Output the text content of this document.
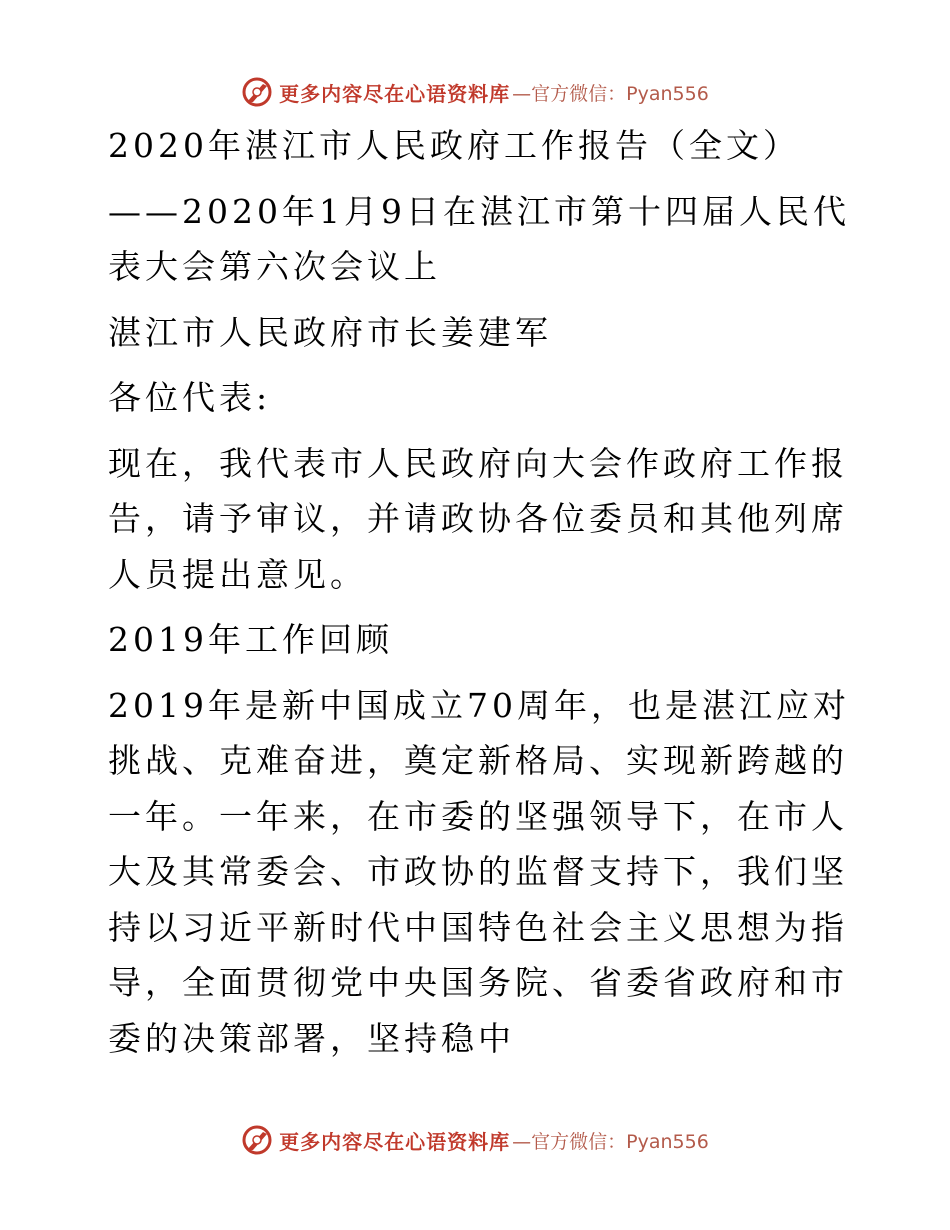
更多内容尽在心语资料库 —官方微信：Pyan556

2020年湛江市人民政府工作报告（全文）

——2020年1月9日在湛江市第十四届人民代表大会第六次会议上

湛江市人民政府市长姜建军

各位代表:

现在，我代表市人民政府向大会作政府工作报告，请予审议，并请政协各位委员和其他列席人员提出意见。

2019年工作回顾

2019年是新中国成立70周年，也是湛江应对挑战、克难奋进，奠定新格局、实现新跨越的一年。一年来，在市委的坚强领导下，在市人大及其常委会、市政协的监督支持下，我们坚持以习近平新时代中国特色社会主义思想为指导，全面贯彻党中央国务院、省委省政府和市委的决策部署，坚持稳中

更多内容尽在心语资料库 —官方微信：Pyan556
